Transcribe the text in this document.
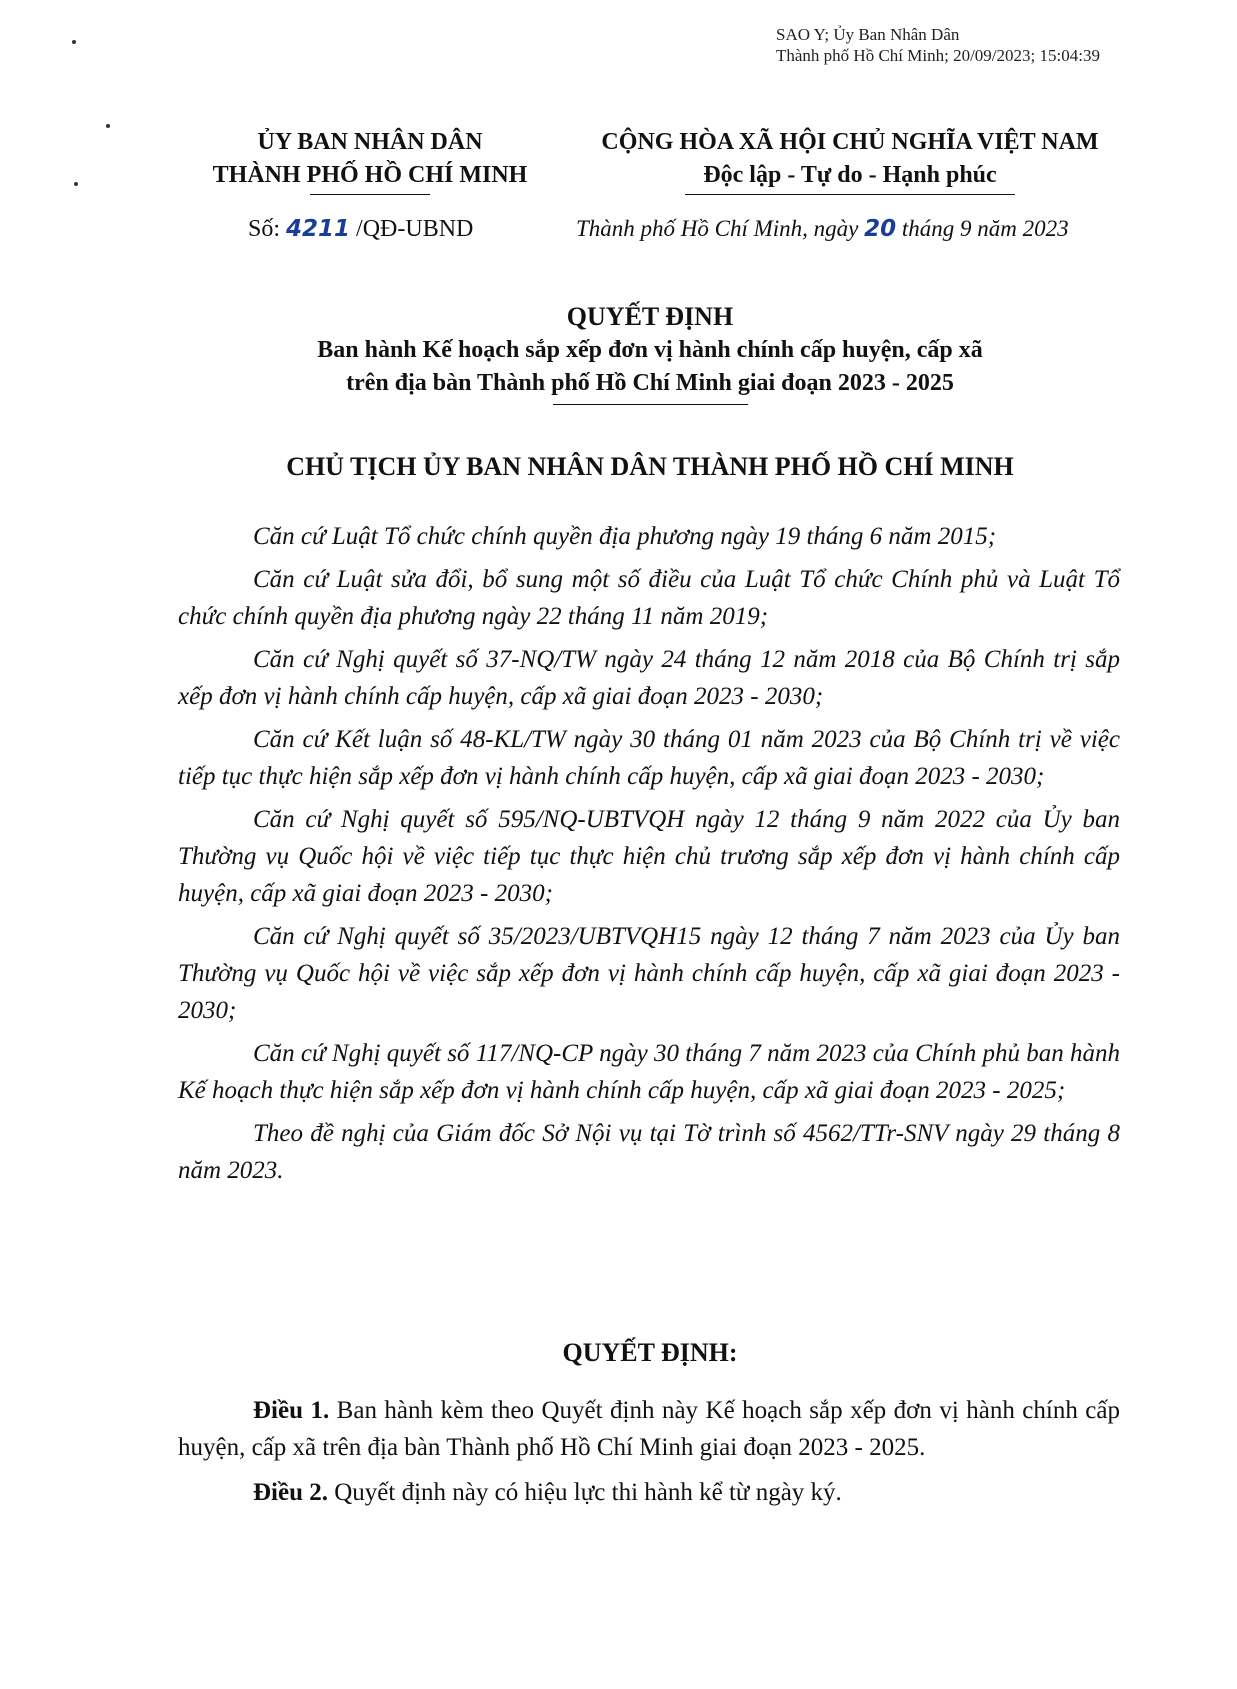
SAO Y; Ủy Ban Nhân Dân
Thành phố Hồ Chí Minh; 20/09/2023; 15:04:39
ỦY BAN NHÂN DÂN
THÀNH PHỐ HỒ CHÍ MINH
CỘNG HÒA XÃ HỘI CHỦ NGHĨA VIỆT NAM
Độc lập - Tự do - Hạnh phúc
Số: 4211 /QĐ-UBND	Thành phố Hồ Chí Minh, ngày 20 tháng 9 năm 2023
QUYẾT ĐỊNH
Ban hành Kế hoạch sắp xếp đơn vị hành chính cấp huyện, cấp xã
trên địa bàn Thành phố Hồ Chí Minh giai đoạn 2023 - 2025
CHỦ TỊCH ỦY BAN NHÂN DÂN THÀNH PHỐ HỒ CHÍ MINH

Căn cứ Luật Tổ chức chính quyền địa phương ngày 19 tháng 6 năm 2015;

Căn cứ Luật sửa đổi, bổ sung một số điều của Luật Tổ chức Chính phủ và Luật Tổ chức chính quyền địa phương ngày 22 tháng 11 năm 2019;

Căn cứ Nghị quyết số 37-NQ/TW ngày 24 tháng 12 năm 2018 của Bộ Chính trị sắp xếp đơn vị hành chính cấp huyện, cấp xã giai đoạn 2023 - 2030;

Căn cứ Kết luận số 48-KL/TW ngày 30 tháng 01 năm 2023 của Bộ Chính trị về việc tiếp tục thực hiện sắp xếp đơn vị hành chính cấp huyện, cấp xã giai đoạn 2023 - 2030;

Căn cứ Nghị quyết số 595/NQ-UBTVQH ngày 12 tháng 9 năm 2022 của Ủy ban Thường vụ Quốc hội về việc tiếp tục thực hiện chủ trương sắp xếp đơn vị hành chính cấp huyện, cấp xã giai đoạn 2023 - 2030;

Căn cứ Nghị quyết số 35/2023/UBTVQH15 ngày 12 tháng 7 năm 2023 của Ủy ban Thường vụ Quốc hội về việc sắp xếp đơn vị hành chính cấp huyện, cấp xã giai đoạn 2023 - 2030;

Căn cứ Nghị quyết số 117/NQ-CP ngày 30 tháng 7 năm 2023 của Chính phủ ban hành Kế hoạch thực hiện sắp xếp đơn vị hành chính cấp huyện, cấp xã giai đoạn 2023 - 2025;

Theo đề nghị của Giám đốc Sở Nội vụ tại Tờ trình số 4562/TTr-SNV ngày 29 tháng 8 năm 2023.

QUYẾT ĐỊNH:

Điều 1. Ban hành kèm theo Quyết định này Kế hoạch sắp xếp đơn vị hành chính cấp huyện, cấp xã trên địa bàn Thành phố Hồ Chí Minh giai đoạn 2023 - 2025.

Điều 2. Quyết định này có hiệu lực thi hành kể từ ngày ký.
